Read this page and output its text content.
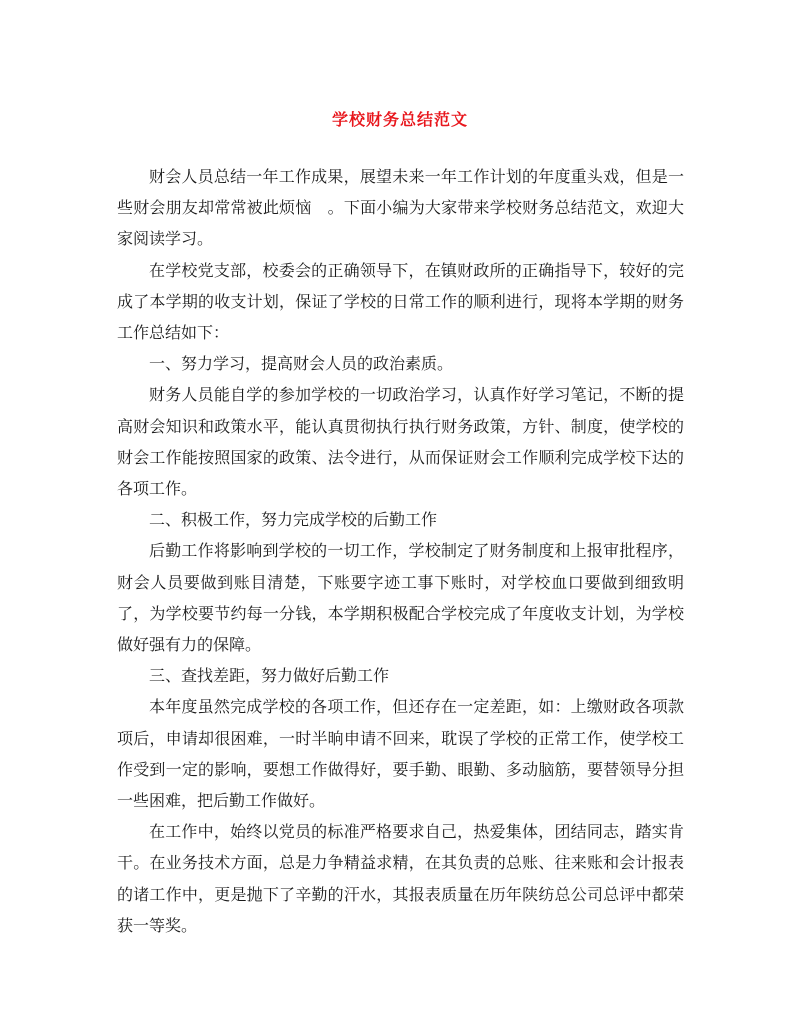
学校财务总结范文

财会人员总结一年工作成果，展望未来一年工作计划的年度重头戏，但是一些财会朋友却常常被此烦恼　。下面小编为大家带来学校财务总结范文，欢迎大家阅读学习。

在学校党支部，校委会的正确领导下，在镇财政所的正确指导下，较好的完成了本学期的收支计划，保证了学校的日常工作的顺利进行，现将本学期的财务工作总结如下：

一、努力学习，提高财会人员的政治素质。

财务人员能自学的参加学校的一切政治学习，认真作好学习笔记，不断的提高财会知识和政策水平，能认真贯彻执行执行财务政策，方针、制度，使学校的财会工作能按照国家的政策、法令进行，从而保证财会工作顺利完成学校下达的各项工作。

二、积极工作，努力完成学校的后勤工作

后勤工作将影响到学校的一切工作，学校制定了财务制度和上报审批程序，财会人员要做到账目清楚，下账要字迹工事下账时，对学校血口要做到细致明了，为学校要节约每一分钱，本学期积极配合学校完成了年度收支计划，为学校做好强有力的保障。

三、查找差距，努力做好后勤工作

本年度虽然完成学校的各项工作，但还存在一定差距，如：上缴财政各项款项后，申请却很困难，一时半晌申请不回来，耽误了学校的正常工作，使学校工作受到一定的影响，要想工作做得好，要手勤、眼勤、多动脑筋，要替领导分担一些困难，把后勤工作做好。

在工作中，始终以党员的标准严格要求自己，热爱集体，团结同志，踏实肯干。在业务技术方面，总是力争精益求精，在其负责的总账、往来账和会计报表的诸工作中，更是抛下了辛勤的汗水，其报表质量在历年陕纺总公司总评中都荣获一等奖。
